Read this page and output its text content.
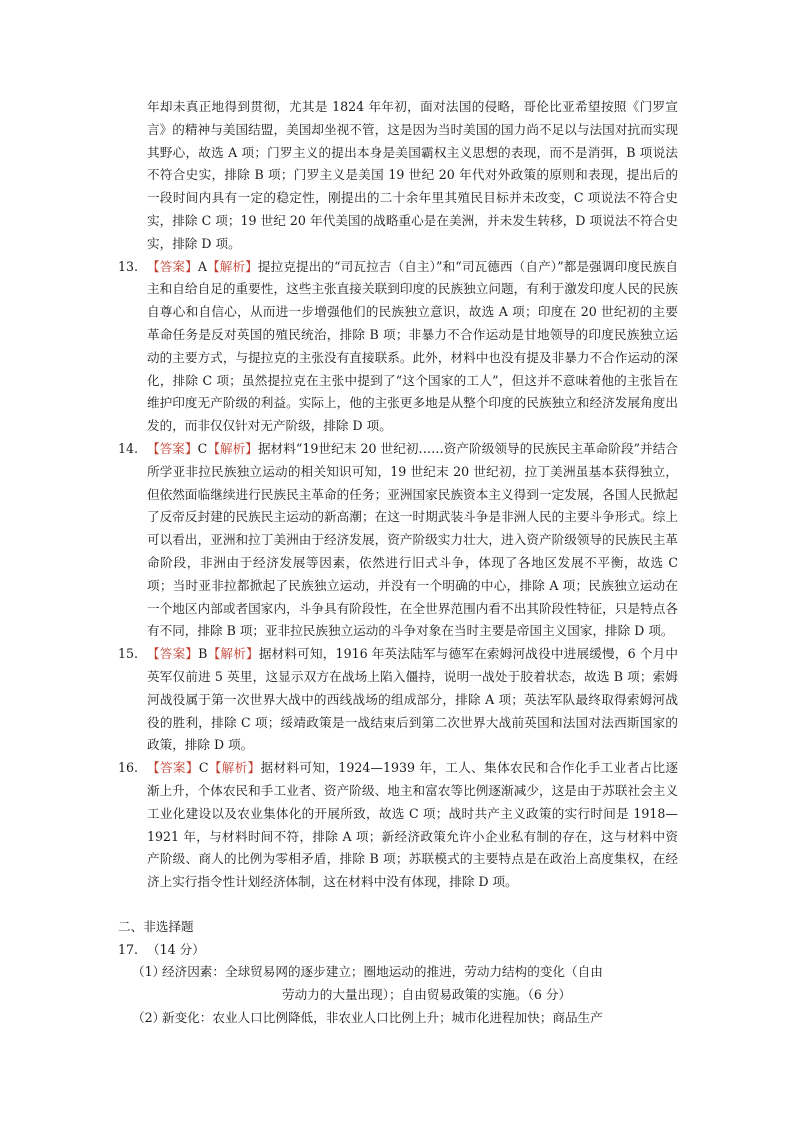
年却未真正地得到贯彻，尤其是 1824 年年初，面对法国的侵略，哥伦比亚希望按照《门罗宣言》的精神与美国结盟，美国却坐视不管，这是因为当时美国的国力尚不足以与法国对抗而实现其野心，故选 A 项；门罗主义的提出本身是美国霸权主义思想的表现，而不是消弭，B 项说法不符合史实，排除 B 项；门罗主义是美国 19 世纪 20 年代对外政策的原则和表现，提出后的一段时间内具有一定的稳定性，刚提出的二十余年里其殖民目标并未改变，C 项说法不符合史实，排除 C 项；19 世纪 20 年代美国的战略重心是在美洲，并未发生转移，D 项说法不符合史实，排除 D 项。

13. 【答案】A【解析】提拉克提出的“司瓦拉吉（自主）”和“司瓦德西（自产）”都是强调印度民族自主和自给自足的重要性，这些主张直接关联到印度的民族独立问题，有利于激发印度人民的民族自尊心和自信心，从而进一步增强他们的民族独立意识，故选 A 项；印度在 20 世纪初的主要革命任务是反对英国的殖民统治，排除 B 项；非暴力不合作运动是甘地领导的印度民族独立运动的主要方式，与提拉克的主张没有直接联系。此外，材料中也没有提及非暴力不合作运动的深化，排除 C 项；虽然提拉克在主张中提到了“这个国家的工人”，但这并不意味着他的主张旨在维护印度无产阶级的利益。实际上，他的主张更多地是从整个印度的民族独立和经济发展角度出发的，而非仅仅针对无产阶级，排除 D 项。

14. 【答案】C【解析】据材料“19世纪末 20 世纪初……资产阶级领导的民族民主革命阶段”并结合所学亚非拉民族独立运动的相关知识可知，19 世纪末 20 世纪初，拉丁美洲虽基本获得独立，但依然面临继续进行民族民主革命的任务；亚洲国家民族资本主义得到一定发展，各国人民掀起了反帝反封建的民族民主运动的新高潮；在这一时期武装斗争是非洲人民的主要斗争形式。综上可以看出，亚洲和拉丁美洲由于经济发展，资产阶级实力壮大，进入资产阶级领导的民族民主革命阶段，非洲由于经济发展等因素，依然进行旧式斗争，体现了各地区发展不平衡，故选 C 项；当时亚非拉都掀起了民族独立运动，并没有一个明确的中心，排除 A 项；民族独立运动在一个地区内部或者国家内，斗争具有阶段性，在全世界范围内看不出其阶段性特征，只是特点各有不同，排除 B 项；亚非拉民族独立运动的斗争对象在当时主要是帝国主义国家，排除 D 项。

15. 【答案】B【解析】据材料可知，1916 年英法陆军与德军在索姆河战役中进展缓慢，6 个月中英军仅前进 5 英里，这显示双方在战场上陷入僵持，说明一战处于胶着状态，故选 B 项；索姆河战役属于第一次世界大战中的西线战场的组成部分，排除 A 项；英法军队最终取得索姆河战役的胜利，排除 C 项；绥靖政策是一战结束后到第二次世界大战前英国和法国对法西斯国家的政策，排除 D 项。

16. 【答案】C【解析】据材料可知，1924—1939 年，工人、集体农民和合作化手工业者占比逐渐上升，个体农民和手工业者、资产阶级、地主和富农等比例逐渐减少，这是由于苏联社会主义工业化建设以及农业集体化的开展所致，故选 C 项；战时共产主义政策的实行时间是 1918—1921 年，与材料时间不符，排除 A 项；新经济政策允许小企业私有制的存在，这与材料中资产阶级、商人的比例为零相矛盾，排除 B 项；苏联模式的主要特点是在政治上高度集权，在经济上实行指令性计划经济体制，这在材料中没有体现，排除 D 项。

二、非选择题

17. （14 分）

（1）
经济因素：全球贸易网的逐步建立；圈地运动的推进，劳动力结构的变化（自由
劳动力的大量出现）；自由贸易政策的实施。（6 分）
（2）
新变化：农业人口比例降低，非农业人口比例上升；城市化进程加快；商品生产
